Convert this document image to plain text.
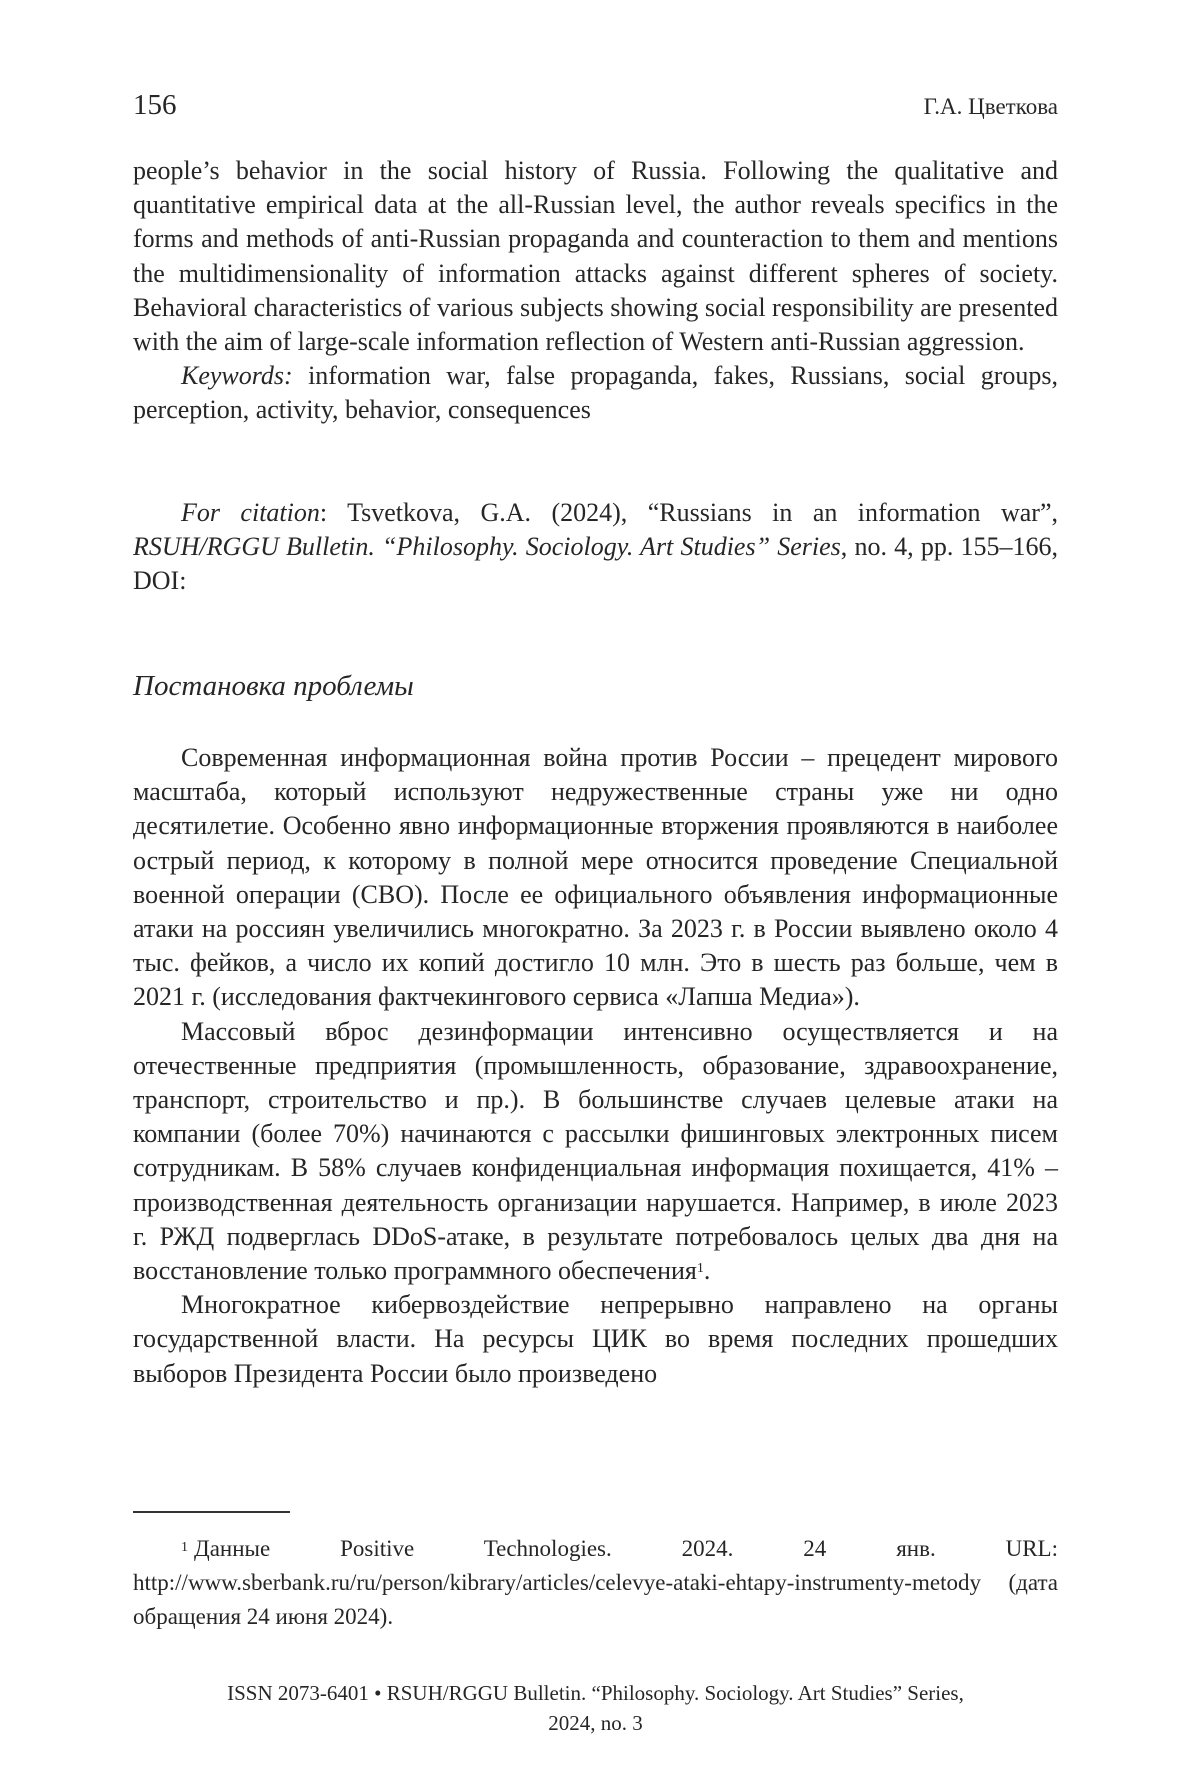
156	Г.А. Цветкова

people’s behavior in the social history of Russia. Following the qualitative and quantitative empirical data at the all-Russian level, the author reveals specifics in the forms and methods of anti-Russian propaganda and counteraction to them and mentions the multidimensionality of information attacks against different spheres of society. Behavioral characteristics of various subjects showing social responsibility are presented with the aim of large-scale information reflection of Western anti-Russian aggression.

Keywords: information war, false propaganda, fakes, Russians, social groups, perception, activity, behavior, consequences

For citation: Tsvetkova, G.A. (2024), “Russians in an information war”, RSUH/RGGU Bulletin. “Philosophy. Sociology. Art Studies” Series, no. 4, pp. 155–166, DOI:

Постановка проблемы

Современная информационная война против России – прецедент мирового масштаба, который используют недружественные страны уже ни одно десятилетие. Особенно явно информационные вторжения проявляются в наиболее острый период, к которому в полной мере относится проведение Специальной военной операции (СВО). После ее официального объявления информационные атаки на россиян увеличились многократно. За 2023 г. в России выявлено около 4 тыс. фейков, а число их копий достигло 10 млн. Это в шесть раз больше, чем в 2021 г. (исследования фактчекингового сервиса «Лапша Медиа»).

Массовый вброс дезинформации интенсивно осуществляется и на отечественные предприятия (промышленность, образование, здравоохранение, транспорт, строительство и пр.). В большинстве случаев целевые атаки на компании (более 70%) начинаются с рассылки фишинговых электронных писем сотрудникам. В 58% случаев конфиденциальная информация похищается, 41% – производственная деятельность организации нарушается. Например, в июле 2023 г. РЖД подверглась DDoS-атаке, в результате потребовалось целых два дня на восстановление только программного обеспечения$^1$.

Многократное кибервоздействие непрерывно направлено на органы государственной власти. На ресурсы ЦИК во время последних прошедших выборов Президента России было произведено

$^1$ Данные Positive Technologies. 2024. 24 янв. URL: http://www.sberbank.ru/ru/person/kibrary/articles/celevye-ataki-ehtapy-instrumenty-metody (дата обращения 24 июня 2024).

ISSN 2073-6401 • RSUH/RGGU Bulletin. “Philosophy. Sociology. Art Studies” Series,
2024, no. 3
